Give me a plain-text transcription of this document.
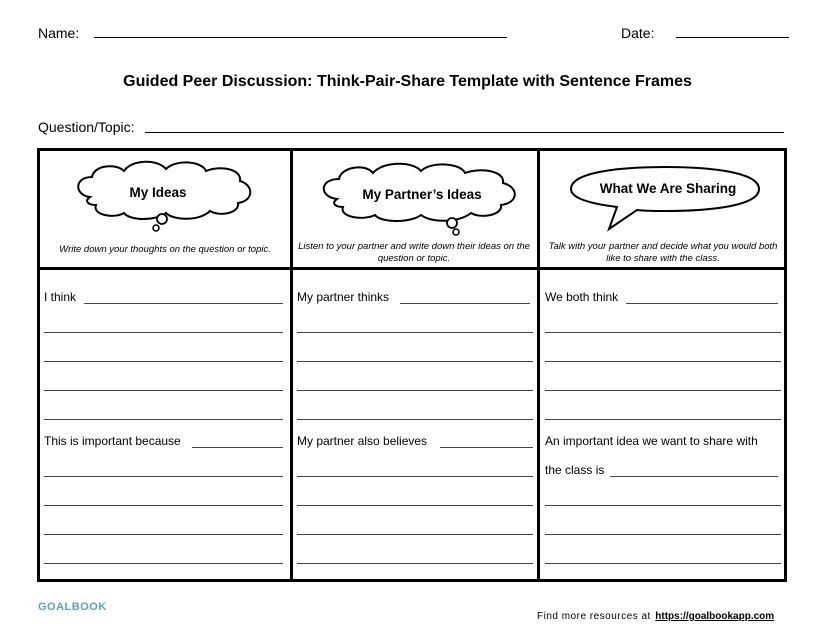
Name:	Date:
Guided Peer Discussion: Think-Pair-Share Template with Sentence Frames
Question/Topic:
My Ideas
Write down your thoughts on the question or topic.
My Partner’s Ideas
Listen to your partner and write down their ideas on the question or topic.
What We Are Sharing
Talk with your partner and decide what you would both like to share with the class.
I think
This is important because
My partner thinks
My partner also believes
We both think
An important idea we want to share with
the class is
GOALBOOK
Find more resources at https://goalbookapp.com
